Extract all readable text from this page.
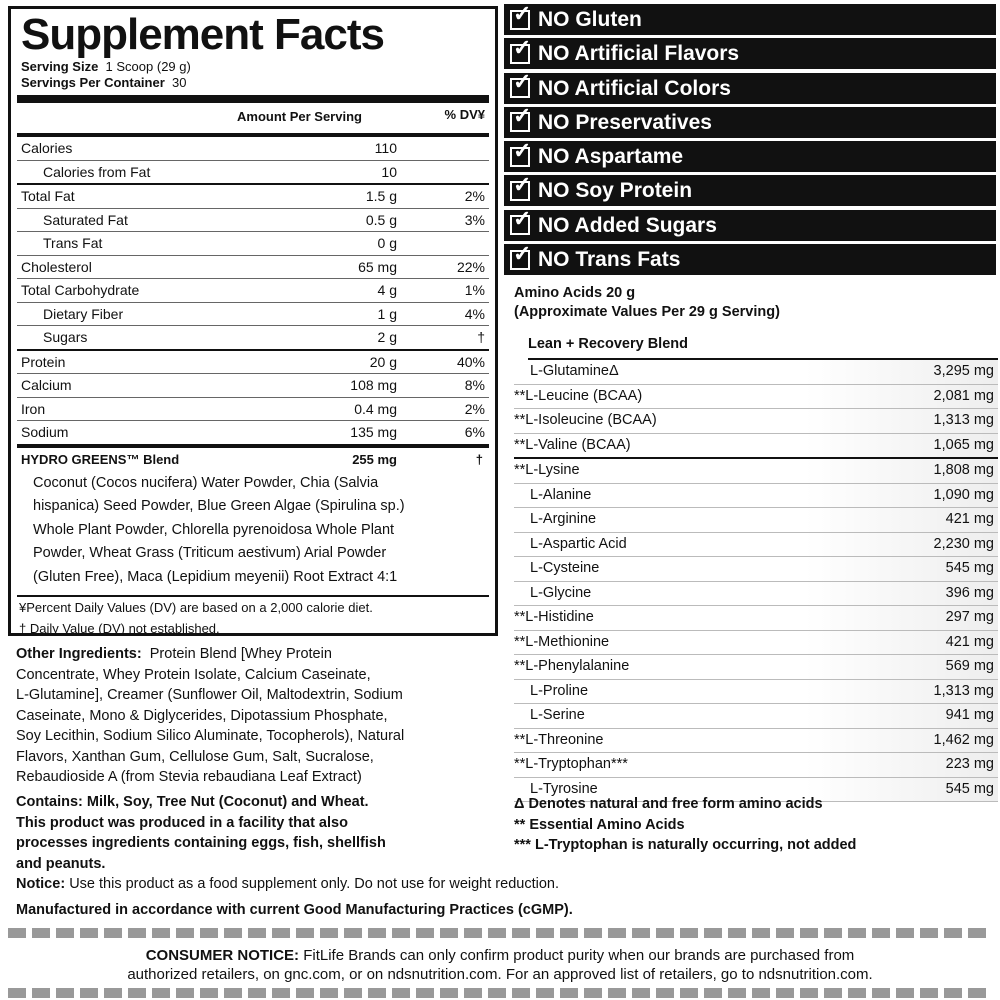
Supplement Facts
Serving Size 1 Scoop (29 g)
Servings Per Container 30
Amount Per Serving	% DV¥
Calories	110
Calories from Fat	10
Total Fat	1.5 g	2%
Saturated Fat	0.5 g	3%
Trans Fat	0 g
Cholesterol	65 mg	22%
Total Carbohydrate	4 g	1%
Dietary Fiber	1 g	4%
Sugars	2 g	†
Protein	20 g	40%
Calcium	108 mg	8%
Iron	0.4 mg	2%
Sodium	135 mg	6%
HYDRO GREENS™ Blend	255 mg	†
Coconut (Cocos nucifera) Water Powder, Chia (Salvia
hispanica) Seed Powder, Blue Green Algae (Spirulina sp.)
Whole Plant Powder, Chlorella pyrenoidosa Whole Plant
Powder, Wheat Grass (Triticum aestivum) Arial Powder
(Gluten Free), Maca (Lepidium meyenii) Root Extract 4:1
¥Percent Daily Values (DV) are based on a 2,000 calorie diet.
† Daily Value (DV) not established.
✓ NO Gluten
✓ NO Artificial Flavors
✓ NO Artificial Colors
✓ NO Preservatives
✓ NO Aspartame
✓ NO Soy Protein
✓ NO Added Sugars
✓ NO Trans Fats
Amino Acids 20 g
(Approximate Values Per 29 g Serving)
Lean + Recovery Blend
L-GlutamineΔ	3,295 mg
**L-Leucine (BCAA)	2,081 mg
**L-Isoleucine (BCAA)	1,313 mg
**L-Valine (BCAA)	1,065 mg
**L-Lysine	1,808 mg
L-Alanine	1,090 mg
L-Arginine	421 mg
L-Aspartic Acid	2,230 mg
L-Cysteine	545 mg
L-Glycine	396 mg
**L-Histidine	297 mg
**L-Methionine	421 mg
**L-Phenylalanine	569 mg
L-Proline	1,313 mg
L-Serine	941 mg
**L-Threonine	1,462 mg
**L-Tryptophan***	223 mg
L-Tyrosine	545 mg
Δ Denotes natural and free form amino acids
** Essential Amino Acids
*** L-Tryptophan is naturally occurring, not added
Other Ingredients: Protein Blend [Whey Protein
Concentrate, Whey Protein Isolate, Calcium Caseinate,
L-Glutamine], Creamer (Sunflower Oil, Maltodextrin, Sodium
Caseinate, Mono & Diglycerides, Dipotassium Phosphate,
Soy Lecithin, Sodium Silico Aluminate, Tocopherols), Natural
Flavors, Xanthan Gum, Cellulose Gum, Salt, Sucralose,
Rebaudioside A (from Stevia rebaudiana Leaf Extract)
Contains: Milk, Soy, Tree Nut (Coconut) and Wheat.
This product was produced in a facility that also
processes ingredients containing eggs, fish, shellfish
and peanuts.
Notice: Use this product as a food supplement only. Do not use for weight reduction.
Manufactured in accordance with current Good Manufacturing Practices (cGMP).
CONSUMER NOTICE: FitLife Brands can only confirm product purity when our brands are purchased from
authorized retailers, on gnc.com, or on ndsnutrition.com. For an approved list of retailers, go to ndsnutrition.com.
